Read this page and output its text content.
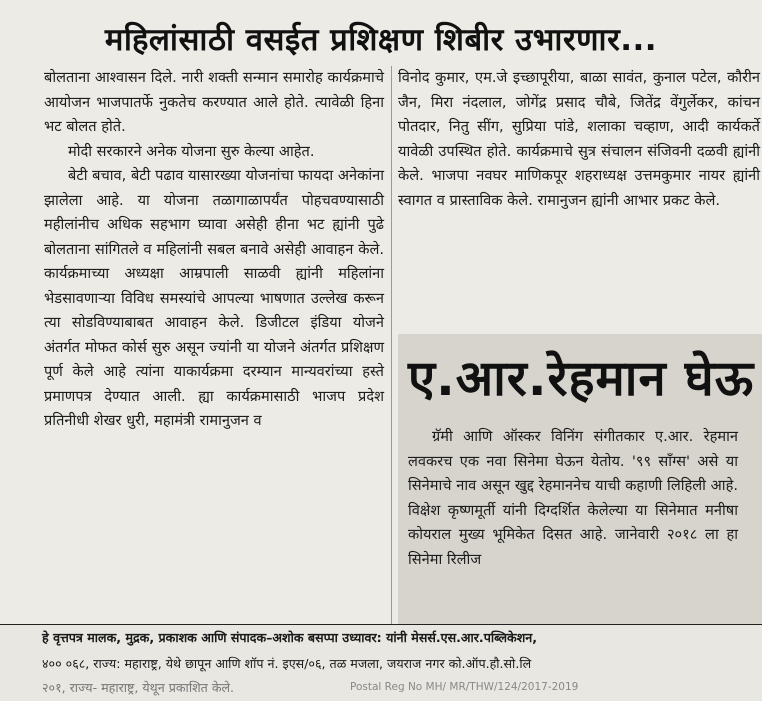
महिलांसाठी वसईत प्रशिक्षण शिबीर उभारणार...

बोलताना आश्वासन दिले. नारी शक्ती सन्मान समारोह कार्यक्रमाचे आयोजन भाजपातर्फे नुकतेच करण्यात आले होते. त्यावेळी हिना भट बोलत होते.

मोदी सरकारने अनेक योजना सुरु केल्या आहेत.

बेटी बचाव, बेटी पढाव यासारख्या योजनांचा फायदा अनेकांना झालेला आहे. या योजना तळागाळापर्यंत पोहचवण्यासाठी महीलांनीच अधिक सहभाग घ्यावा असेही हीना भट ह्यांनी पुढे बोलताना सांगितले व महिलांनी सबल बनावे असेही आवाहन केले. कार्यक्रमाच्या अध्यक्षा आम्रपाली साळवी ह्यांनी महिलांना भेडसावणाऱ्या विविध समस्यांचे आपल्या भाषणात उल्लेख करून त्या सोडविण्याबाबत आवाहन केले. डिजीटल इंडिया योजने अंतर्गत मोफत कोर्स सुरु असून ज्यांनी या योजने अंतर्गत प्रशिक्षण पूर्ण केले आहे त्यांना याकार्यक्रमा दरम्यान मान्यवरांच्या हस्ते प्रमाणपत्र देण्यात आली. ह्या कार्यक्रमासाठी भाजप प्रदेश प्रतिनीधी शेखर धुरी, महामंत्री रामानुजन व

विनोद कुमार, एम.जे इच्छापूरीया, बाळा सावंत, कुनाल पटेल, कौरीन जैन, मिरा नंदलाल, जोगेंद्र प्रसाद चौबे, जितेंद्र वेंगुर्लेकर, कांचन पोतदार, नितु सींग, सुप्रिया पांडे, शलाका चव्हाण, आदी कार्यकर्ते यावेळी उपस्थित होते. कार्यक्रमाचे सुत्र संचालन संजिवनी दळवी ह्यांनी केले. भाजपा नवघर माणिकपूर शहराध्यक्ष उत्तमकुमार नायर ह्यांनी स्वागत व प्रास्ताविक केले. रामानुजन ह्यांनी आभार प्रकट केले.

ए.आर.रेहमान घेऊ

ग्रॅमी आणि ऑस्कर विनिंग संगीतकार ए.आर. रेहमान लवकरच एक नवा सिनेमा घेऊन येतोय. '९९ साँग्स' असे या सिनेमाचे नाव असून खुद्द रेहमाननेच याची कहाणी लिहिली आहे. विक्षेश कृष्णमूर्ती यांनी दिग्दर्शित केलेल्या या सिनेमात मनीषा कोयराल मुख्य भूमिकेत दिसत आहे. जानेवारी २०१८ ला हा सिनेमा रिलीज

हे वृत्तपत्र मालक, मुद्रक, प्रकाशक आणि संपादक–अशोक बसप्पा उध्यावर: यांनी मेसर्स.एस.आर.पब्लिकेशन,
४०० ०६८, राज्य: महाराष्ट्र, येथे छापून आणि शॉप नं. इएस/०६, तळ मजला, जयराज नगर को.ऑप.हौ.सो.लि
२०१, राज्य- महाराष्ट्र, येथून प्रकाशित केले.	Postal Reg No MH/ MR/THW/124/2017-2019
